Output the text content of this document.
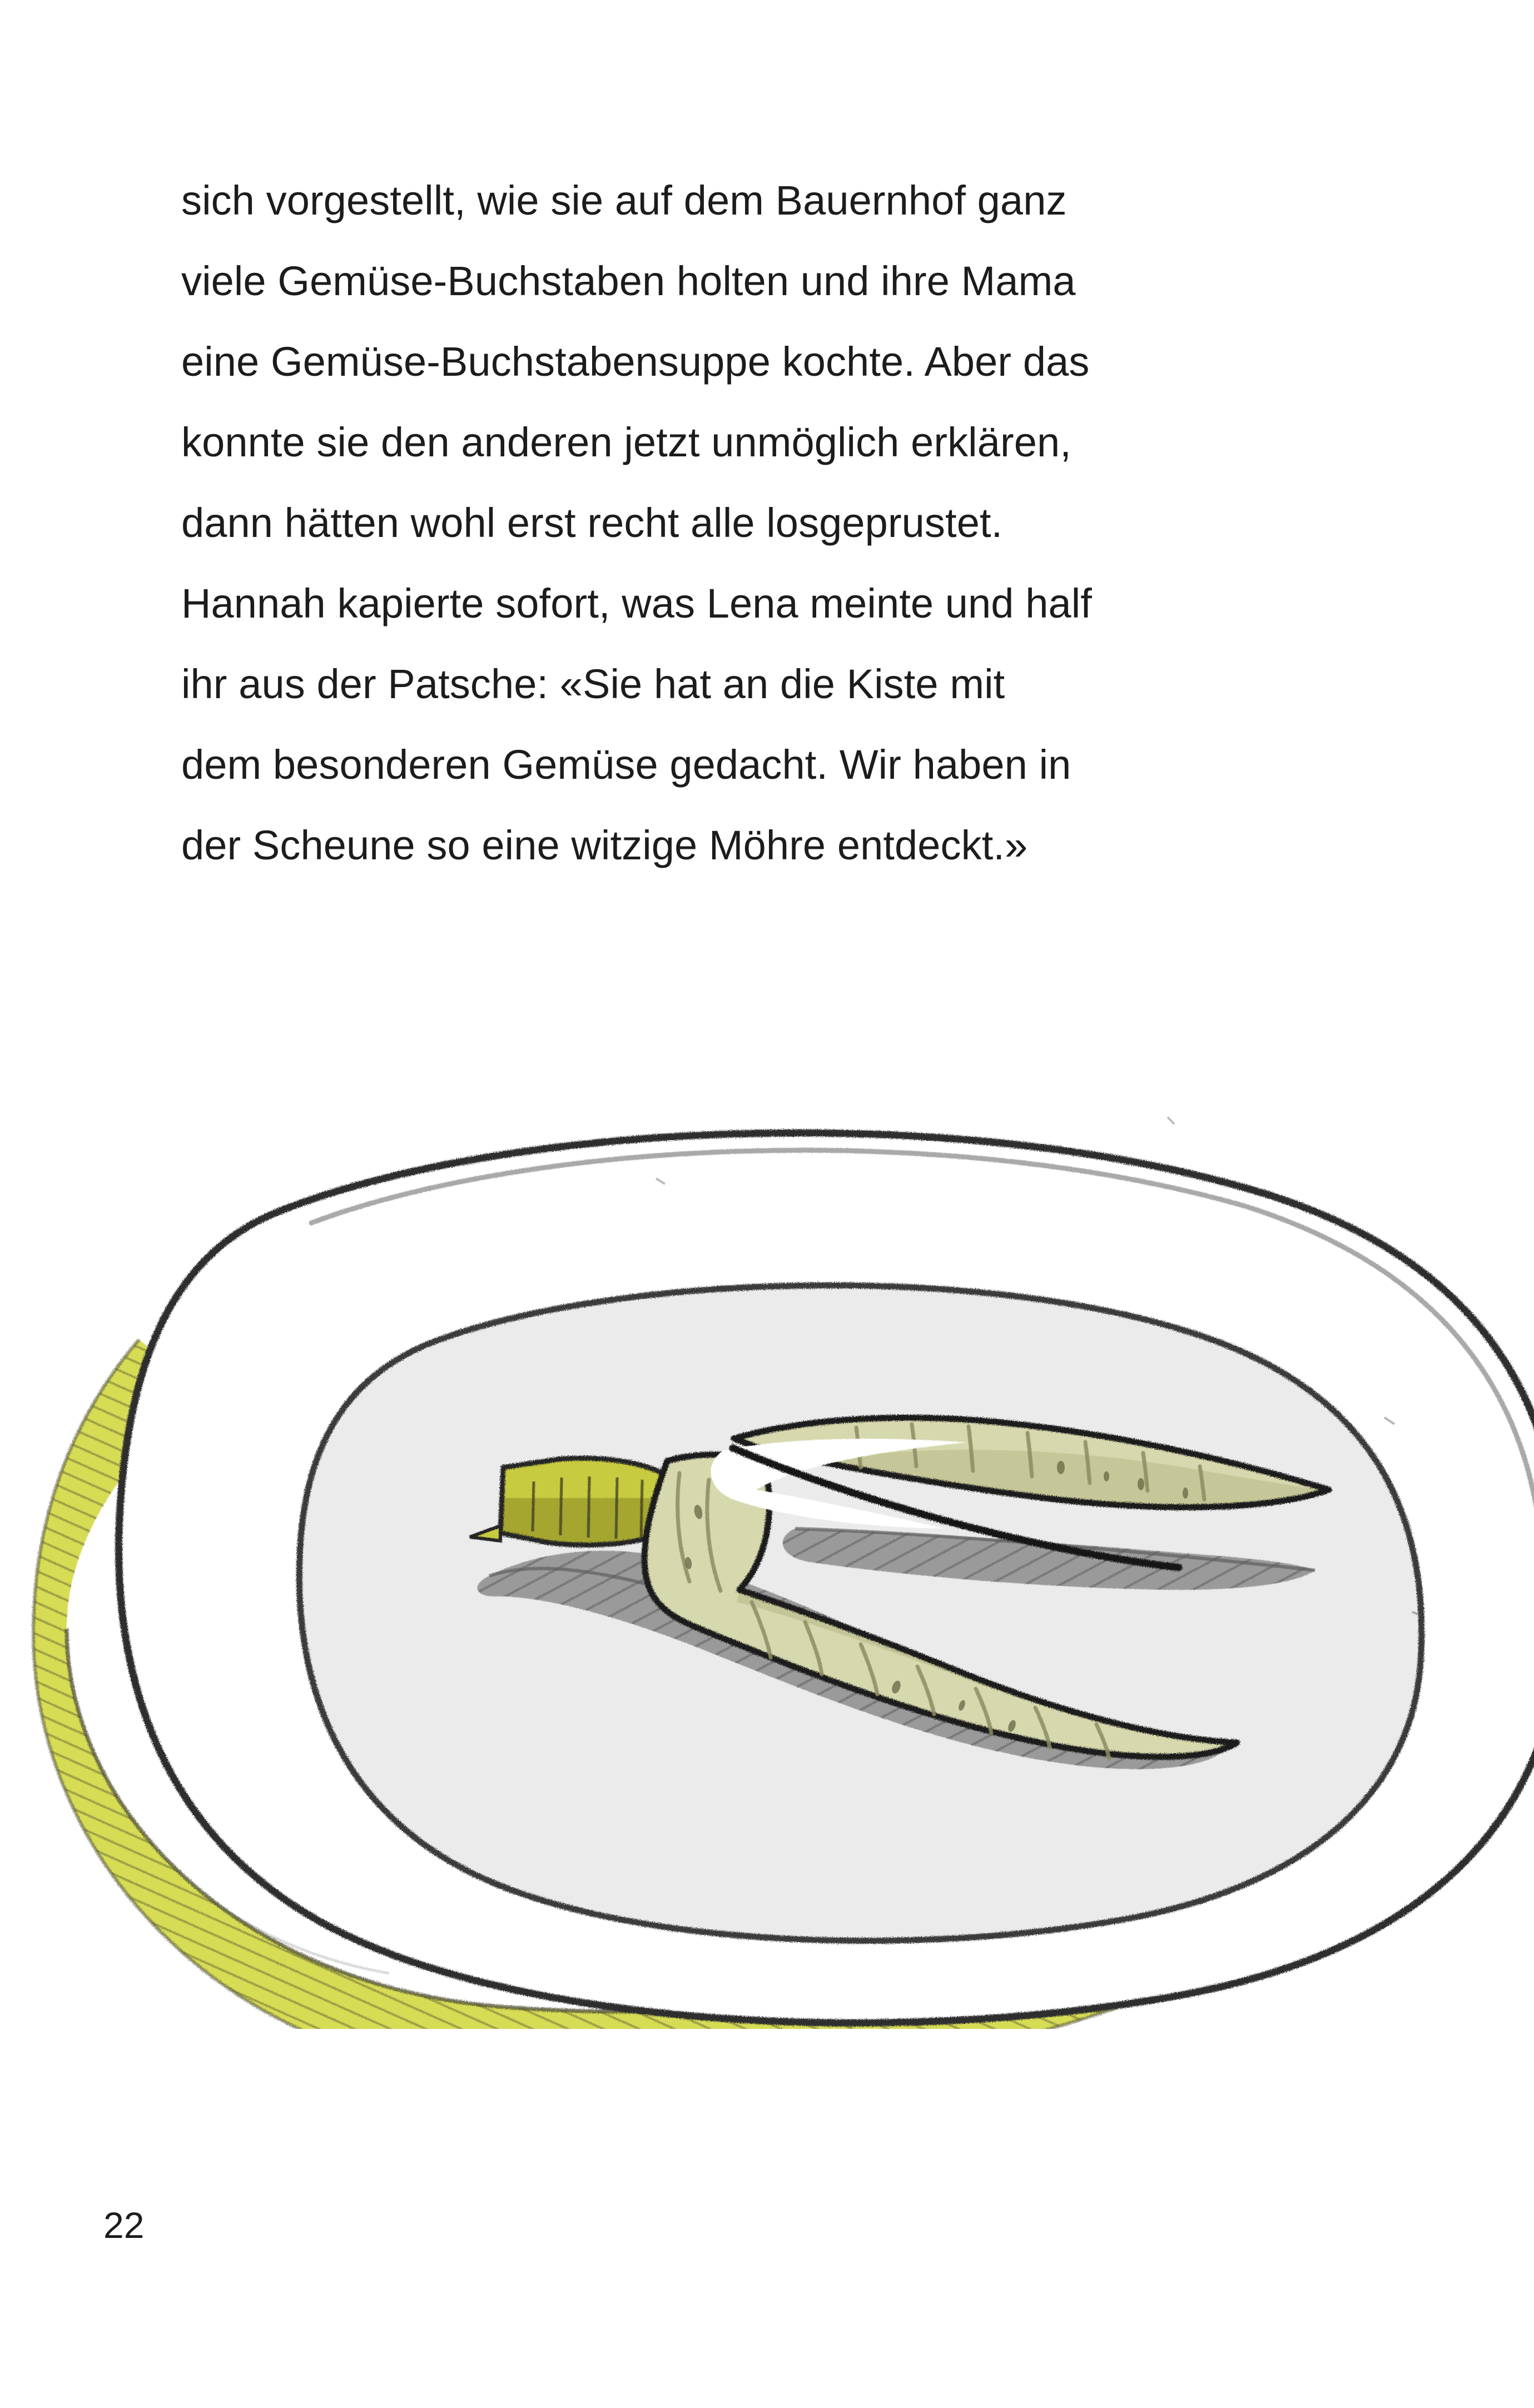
sich vorgestellt, wie sie auf dem Bauernhof ganz
viele Gemüse-Buchstaben holten und ihre Mama
eine Gemüse-Buchstabensuppe kochte. Aber das
konnte sie den anderen jetzt unmöglich erklären,
dann hätten wohl erst recht alle losgeprustet.
Hannah kapierte sofort, was Lena meinte und half
ihr aus der Patsche: «Sie hat an die Kiste mit
dem besonderen Gemüse gedacht. Wir haben in
der Scheune so eine witzige Möhre entdeckt.»
22
